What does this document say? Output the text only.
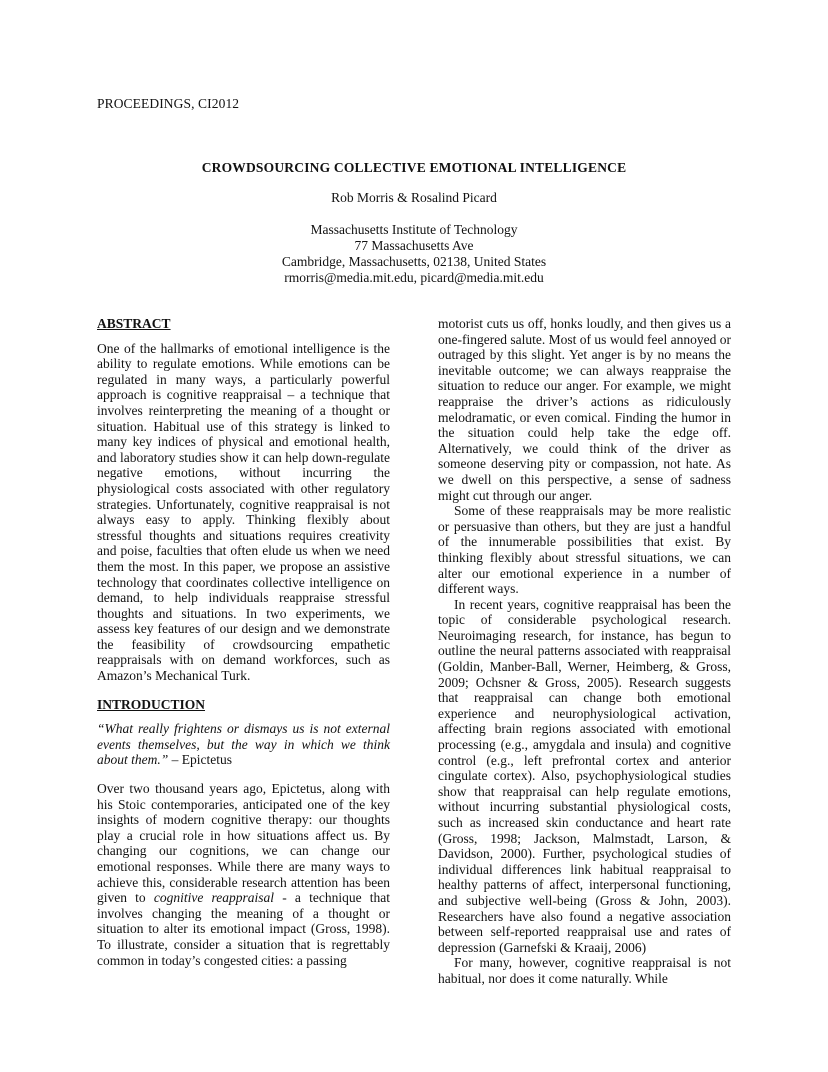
PROCEEDINGS, CI2012
CROWDSOURCING COLLECTIVE EMOTIONAL INTELLIGENCE
Rob Morris & Rosalind Picard
Massachusetts Institute of Technology
77 Massachusetts Ave
Cambridge, Massachusetts, 02138, United States
rmorris@media.mit.edu, picard@media.mit.edu
ABSTRACT

One of the hallmarks of emotional intelligence is the ability to regulate emotions. While emotions can be regulated in many ways, a particularly powerful approach is cognitive reappraisal – a technique that involves reinterpreting the meaning of a thought or situation. Habitual use of this strategy is linked to many key indices of physical and emotional health, and laboratory studies show it can help down-regulate negative emotions, without incurring the physiological costs associated with other regulatory strategies. Unfortunately, cognitive reappraisal is not always easy to apply. Thinking flexibly about stressful thoughts and situations requires creativity and poise, faculties that often elude us when we need them the most. In this paper, we propose an assistive technology that coordinates collective intelligence on demand, to help individuals reappraise stressful thoughts and situations. In two experiments, we assess key features of our design and we demonstrate the feasibility of crowdsourcing empathetic reappraisals with on demand workforces, such as Amazon’s Mechanical Turk.

INTRODUCTION

“What really frightens or dismays us is not external events themselves, but the way in which we think about them.” – Epictetus

Over two thousand years ago, Epictetus, along with his Stoic contemporaries, anticipated one of the key insights of modern cognitive therapy: our thoughts play a crucial role in how situations affect us. By changing our cognitions, we can change our emotional responses. While there are many ways to achieve this, considerable research attention has been given to cognitive reappraisal - a technique that involves changing the meaning of a thought or situation to alter its emotional impact (Gross, 1998). To illustrate, consider a situation that is regrettably common in today’s congested cities: a passing

motorist cuts us off, honks loudly, and then gives us a one-fingered salute. Most of us would feel annoyed or outraged by this slight. Yet anger is by no means the inevitable outcome; we can always reappraise the situation to reduce our anger. For example, we might reappraise the driver’s actions as ridiculously melodramatic, or even comical. Finding the humor in the situation could help take the edge off. Alternatively, we could think of the driver as someone deserving pity or compassion, not hate. As we dwell on this perspective, a sense of sadness might cut through our anger.

Some of these reappraisals may be more realistic or persuasive than others, but they are just a handful of the innumerable possibilities that exist. By thinking flexibly about stressful situations, we can alter our emotional experience in a number of different ways.

In recent years, cognitive reappraisal has been the topic of considerable psychological research. Neuroimaging research, for instance, has begun to outline the neural patterns associated with reappraisal (Goldin, Manber-Ball, Werner, Heimberg, & Gross, 2009; Ochsner & Gross, 2005). Research suggests that reappraisal can change both emotional experience and neurophysiological activation, affecting brain regions associated with emotional processing (e.g., amygdala and insula) and cognitive control (e.g., left prefrontal cortex and anterior cingulate cortex). Also, psychophysiological studies show that reappraisal can help regulate emotions, without incurring substantial physiological costs, such as increased skin conductance and heart rate (Gross, 1998; Jackson, Malmstadt, Larson, & Davidson, 2000). Further, psychological studies of individual differences link habitual reappraisal to healthy patterns of affect, interpersonal functioning, and subjective well-being (Gross & John, 2003). Researchers have also found a negative association between self-reported reappraisal use and rates of depression (Garnefski & Kraaij, 2006)

For many, however, cognitive reappraisal is not habitual, nor does it come naturally. While
